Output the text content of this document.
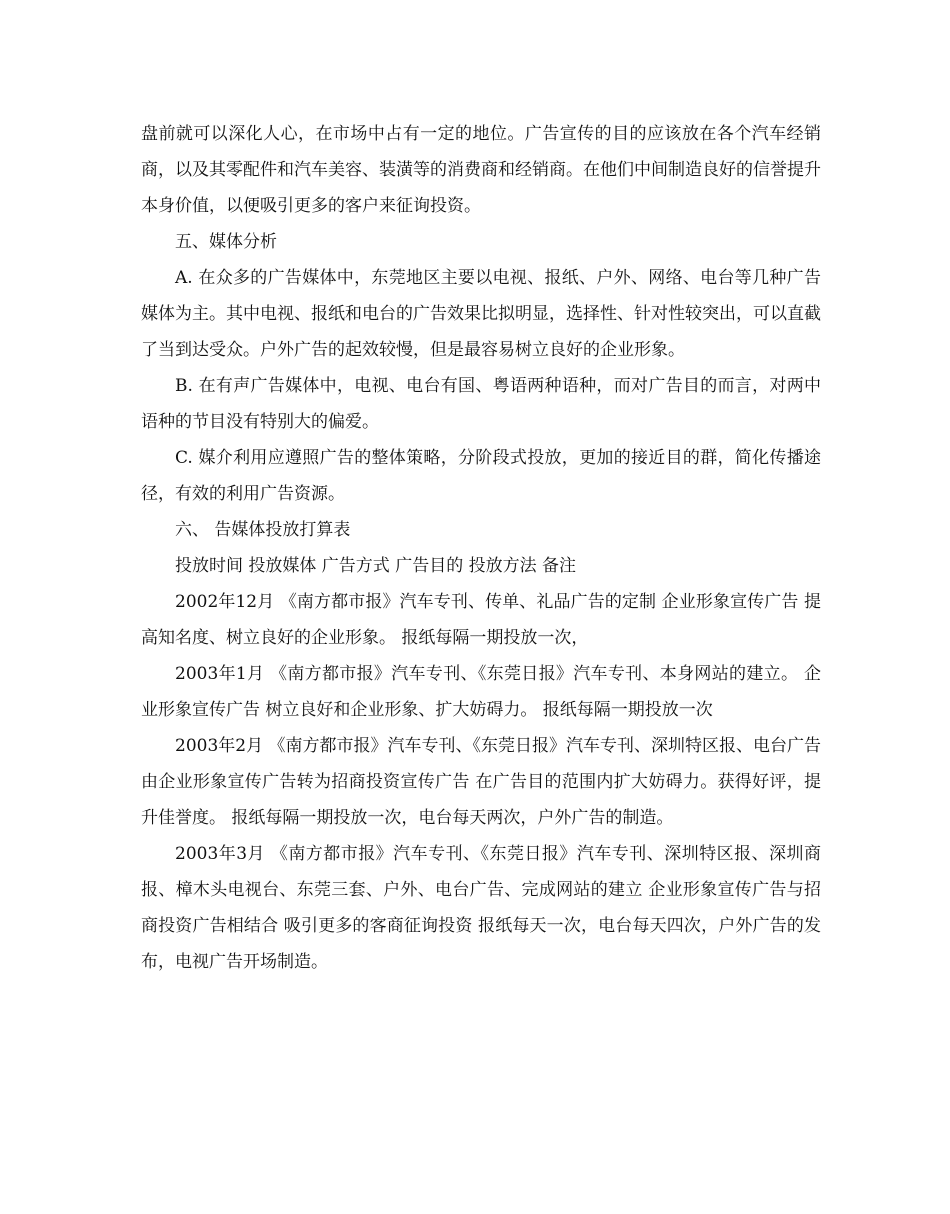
盘前就可以深化人心，在市场中占有一定的地位。广告宣传的目的应该放在各个汽车经销商，以及其零配件和汽车美容、装潢等的消费商和经销商。在他们中间制造良好的信誉提升本身价值，以便吸引更多的客户来征询投资。

五、媒体分析

A. 在众多的广告媒体中，东莞地区主要以电视、报纸、户外、网络、电台等几种广告媒体为主。其中电视、报纸和电台的广告效果比拟明显，选择性、针对性较突出，可以直截了当到达受众。户外广告的起效较慢，但是最容易树立良好的企业形象。

B. 在有声广告媒体中，电视、电台有国、粤语两种语种，而对广告目的而言，对两中语种的节目没有特别大的偏爱。

C. 媒介利用应遵照广告的整体策略，分阶段式投放，更加的接近目的群，简化传播途径，有效的利用广告资源。

六、 告媒体投放打算表

投放时间 投放媒体 广告方式 广告目的 投放方法 备注

2002年12月 《南方都市报》汽车专刊、传单、礼品广告的定制 企业形象宣传广告 提高知名度、树立良好的企业形象。 报纸每隔一期投放一次，

2003年1月 《南方都市报》汽车专刊、《东莞日报》汽车专刊、本身网站的建立。 企业形象宣传广告 树立良好和企业形象、扩大妨碍力。 报纸每隔一期投放一次

2003年2月 《南方都市报》汽车专刊、《东莞日报》汽车专刊、深圳特区报、电台广告 由企业形象宣传广告转为招商投资宣传广告 在广告目的范围内扩大妨碍力。获得好评，提升佳誉度。 报纸每隔一期投放一次，电台每天两次，户外广告的制造。

2003年3月 《南方都市报》汽车专刊、《东莞日报》汽车专刊、深圳特区报、深圳商报、樟木头电视台、东莞三套、户外、电台广告、完成网站的建立 企业形象宣传广告与招商投资广告相结合 吸引更多的客商征询投资 报纸每天一次，电台每天四次，户外广告的发布，电视广告开场制造。
